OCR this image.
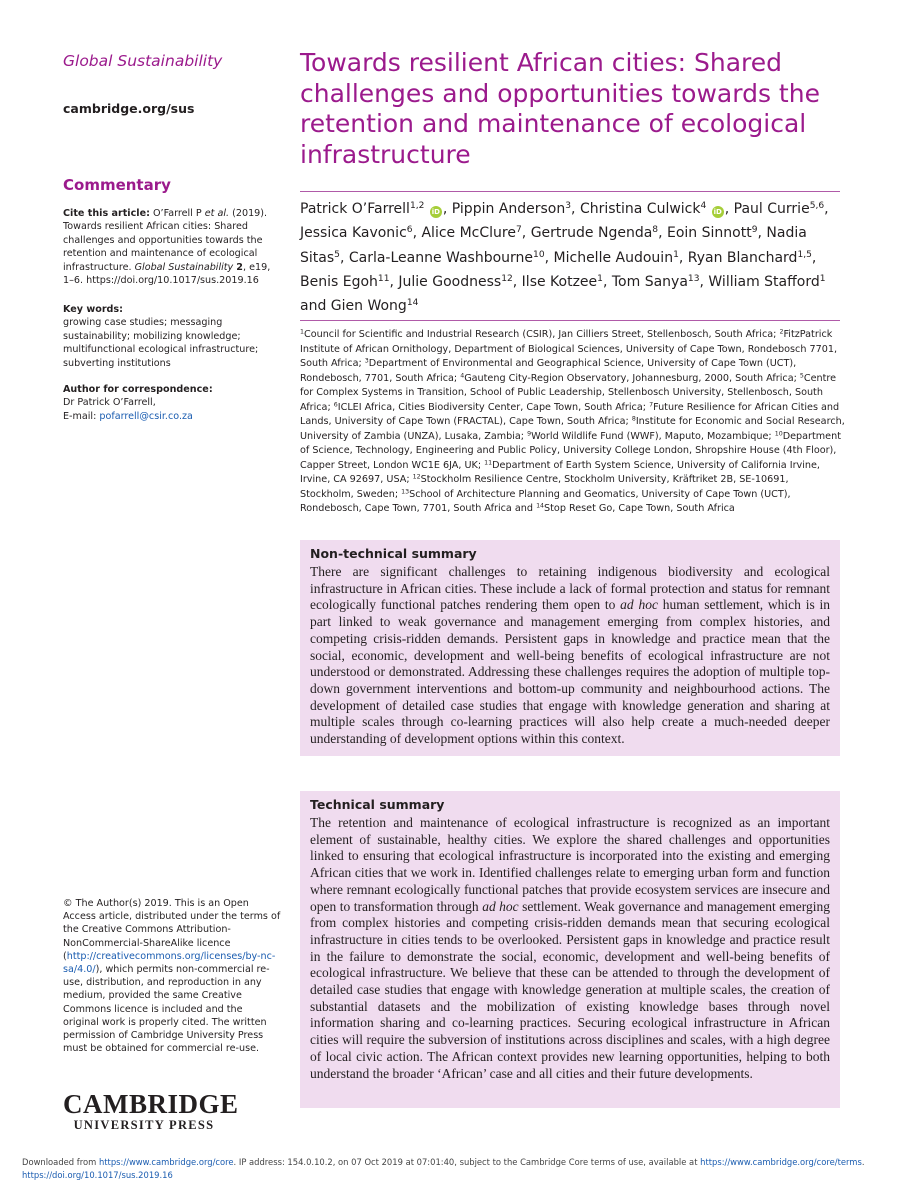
Global Sustainability
cambridge.org/sus
Commentary
Cite this article: O’Farrell P et al. (2019). Towards resilient African cities: Shared challenges and opportunities towards the retention and maintenance of ecological infrastructure. Global Sustainability 2, e19, 1–6. https://doi.org/10.1017/sus.2019.16
Key words:
growing case studies; messaging sustainability; mobilizing knowledge; multifunctional ecological infrastructure; subverting institutions
Author for correspondence:
Dr Patrick O’Farrell,
E-mail: pofarrell@csir.co.za
© The Author(s) 2019. This is an Open Access article, distributed under the terms of the Creative Commons Attribution-NonCommercial-ShareAlike licence (http://creativecommons.org/licenses/by-nc-sa/4.0/), which permits non-commercial re-use, distribution, and reproduction in any medium, provided the same Creative Commons licence is included and the original work is properly cited. The written permission of Cambridge University Press must be obtained for commercial re-use.
CAMBRIDGE
UNIVERSITY PRESS
Towards resilient African cities: Shared challenges and opportunities towards the retention and maintenance of ecological infrastructure
Patrick O’Farrell$^{1,2}$ iD , Pippin Anderson$^3$, Christina Culwick$^4$ iD , Paul Currie$^{5,6}$, Jessica Kavonic$^6$, Alice McClure$^7$, Gertrude Ngenda$^8$, Eoin Sinnott$^9$, Nadia Sitas$^5$, Carla-Leanne Washbourne$^{10}$, Michelle Audouin$^1$, Ryan Blanchard$^{1,5}$, Benis Egoh$^{11}$, Julie Goodness$^{12}$, Ilse Kotzee$^1$, Tom Sanya$^{13}$, William Stafford$^1$ and Gien Wong$^{14}$
$^1$Council for Scientific and Industrial Research (CSIR), Jan Cilliers Street, Stellenbosch, South Africa; $^2$FitzPatrick Institute of African Ornithology, Department of Biological Sciences, University of Cape Town, Rondebosch 7701, South Africa; $^3$Department of Environmental and Geographical Science, University of Cape Town (UCT), Rondebosch, 7701, South Africa; $^4$Gauteng City-Region Observatory, Johannesburg, 2000, South Africa; $^5$Centre for Complex Systems in Transition, School of Public Leadership, Stellenbosch University, Stellenbosch, South Africa; $^6$ICLEI Africa, Cities Biodiversity Center, Cape Town, South Africa; $^7$Future Resilience for African Cities and Lands, University of Cape Town (FRACTAL), Cape Town, South Africa; $^8$Institute for Economic and Social Research, University of Zambia (UNZA), Lusaka, Zambia; $^9$World Wildlife Fund (WWF), Maputo, Mozambique; $^{10}$Department of Science, Technology, Engineering and Public Policy, University College London, Shropshire House (4th Floor), Capper Street, London WC1E 6JA, UK; $^{11}$Department of Earth System Science, University of California Irvine, Irvine, CA 92697, USA; $^{12}$Stockholm Resilience Centre, Stockholm University, Kräftriket 2B, SE-10691, Stockholm, Sweden; $^{13}$School of Architecture Planning and Geomatics, University of Cape Town (UCT), Rondebosch, Cape Town, 7701, South Africa and $^{14}$Stop Reset Go, Cape Town, South Africa
Non-technical summary

There are significant challenges to retaining indigenous biodiversity and ecological infrastructure in African cities. These include a lack of formal protection and status for remnant ecologically functional patches rendering them open to ad hoc human settlement, which is in part linked to weak governance and management emerging from complex histories, and competing crisis-ridden demands. Persistent gaps in knowledge and practice mean that the social, economic, development and well-being benefits of ecological infrastructure are not understood or demonstrated. Addressing these challenges requires the adoption of multiple top-down government interventions and bottom-up community and neighbourhood actions. The development of detailed case studies that engage with knowledge generation and sharing at multiple scales through co-learning practices will also help create a much-needed deeper understanding of development options within this context.

Technical summary

The retention and maintenance of ecological infrastructure is recognized as an important element of sustainable, healthy cities. We explore the shared challenges and opportunities linked to ensuring that ecological infrastructure is incorporated into the existing and emerging African cities that we work in. Identified challenges relate to emerging urban form and function where remnant ecologically functional patches that provide ecosystem services are insecure and open to transformation through ad hoc settlement. Weak governance and management emerging from complex histories and competing crisis-ridden demands mean that securing ecological infrastructure in cities tends to be overlooked. Persistent gaps in knowledge and practice result in the failure to demonstrate the social, economic, development and well-being benefits of ecological infrastructure. We believe that these can be attended to through the development of detailed case studies that engage with knowledge generation at multiple scales, the creation of substantial datasets and the mobilization of existing knowledge bases through novel information sharing and co-learning practices. Securing ecological infrastructure in African cities will require the subversion of institutions across disciplines and scales, with a high degree of local civic action. The African context provides new learning opportunities, helping to both understand the broader ‘African’ case and all cities and their future developments.

Downloaded from https://www.cambridge.org/core. IP address: 154.0.10.2, on 07 Oct 2019 at 07:01:40, subject to the Cambridge Core terms of use, available at https://www.cambridge.org/core/terms.
https://doi.org/10.1017/sus.2019.16
